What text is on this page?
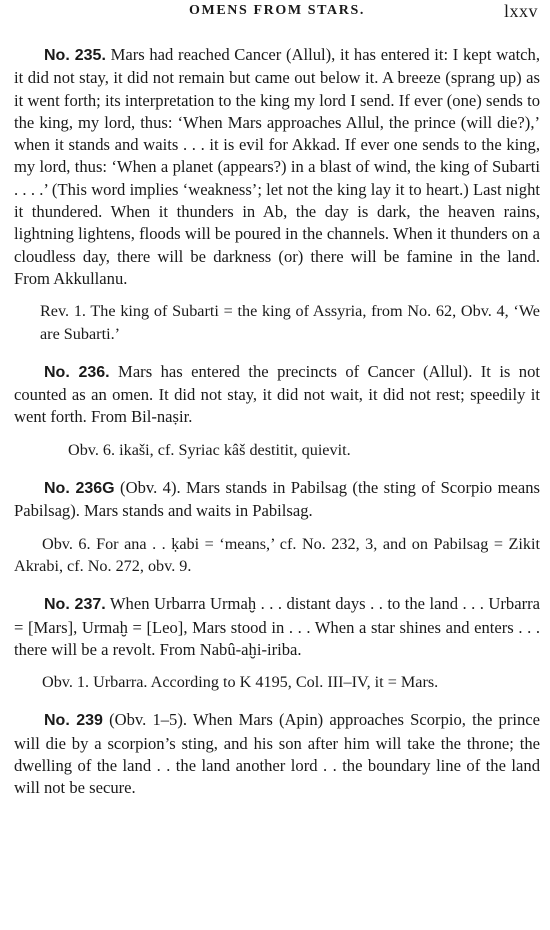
OMENS FROM STARS.	lxxv

No. 235. Mars had reached Cancer (Allul), it has entered it: I kept watch, it did not stay, it did not remain but came out below it. A breeze (sprang up) as it went forth; its interpretation to the king my lord I send. If ever (one) sends to the king, my lord, thus: ‘When Mars approaches Allul, the prince (will die?),’ when it stands and waits . . . it is evil for Akkad. If ever one sends to the king, my lord, thus: ‘When a planet (appears?) in a blast of wind, the king of Subarti . . . .’ (This word implies ‘weakness’; let not the king lay it to heart.) Last night it thundered. When it thunders in Ab, the day is dark, the heaven rains, lightning lightens, floods will be poured in the channels. When it thunders on a cloudless day, there will be darkness (or) there will be famine in the land. From Akkullanu.

Rev. 1. The king of Subarti = the king of Assyria, from No. 62, Obv. 4, ‘We are Subarti.’

No. 236. Mars has entered the precincts of Cancer (Allul). It is not counted as an omen. It did not stay, it did not wait, it did not rest; speedily it went forth. From Bil-naṣir.

Obv. 6. ikaši, cf. Syriac kâš destitit, quievit.

No. 236G (Obv. 4). Mars stands in Pabilsag (the sting of Scorpio means Pabilsag). Mars stands and waits in Pabilsag.

Obv. 6. For ana . . ḳabi = ‘means,’ cf. No. 232, 3, and on Pabilsag = Zikit Akrabi, cf. No. 272, obv. 9.

No. 237. When Urbarra Urmaḫ . . . distant days . . to the land . . . Urbarra = [Mars], Urmaḫ = [Leo], Mars stood in . . . When a star shines and enters . . . there will be a revolt. From Nabû-aḫi-iriba.

Obv. 1. Urbarra. According to K 4195, Col. III–IV, it = Mars.

No. 239 (Obv. 1–5). When Mars (Apin) approaches Scorpio, the prince will die by a scorpion’s sting, and his son after him will take the throne; the dwelling of the land . . the land another lord . . the boundary line of the land will not be secure.
